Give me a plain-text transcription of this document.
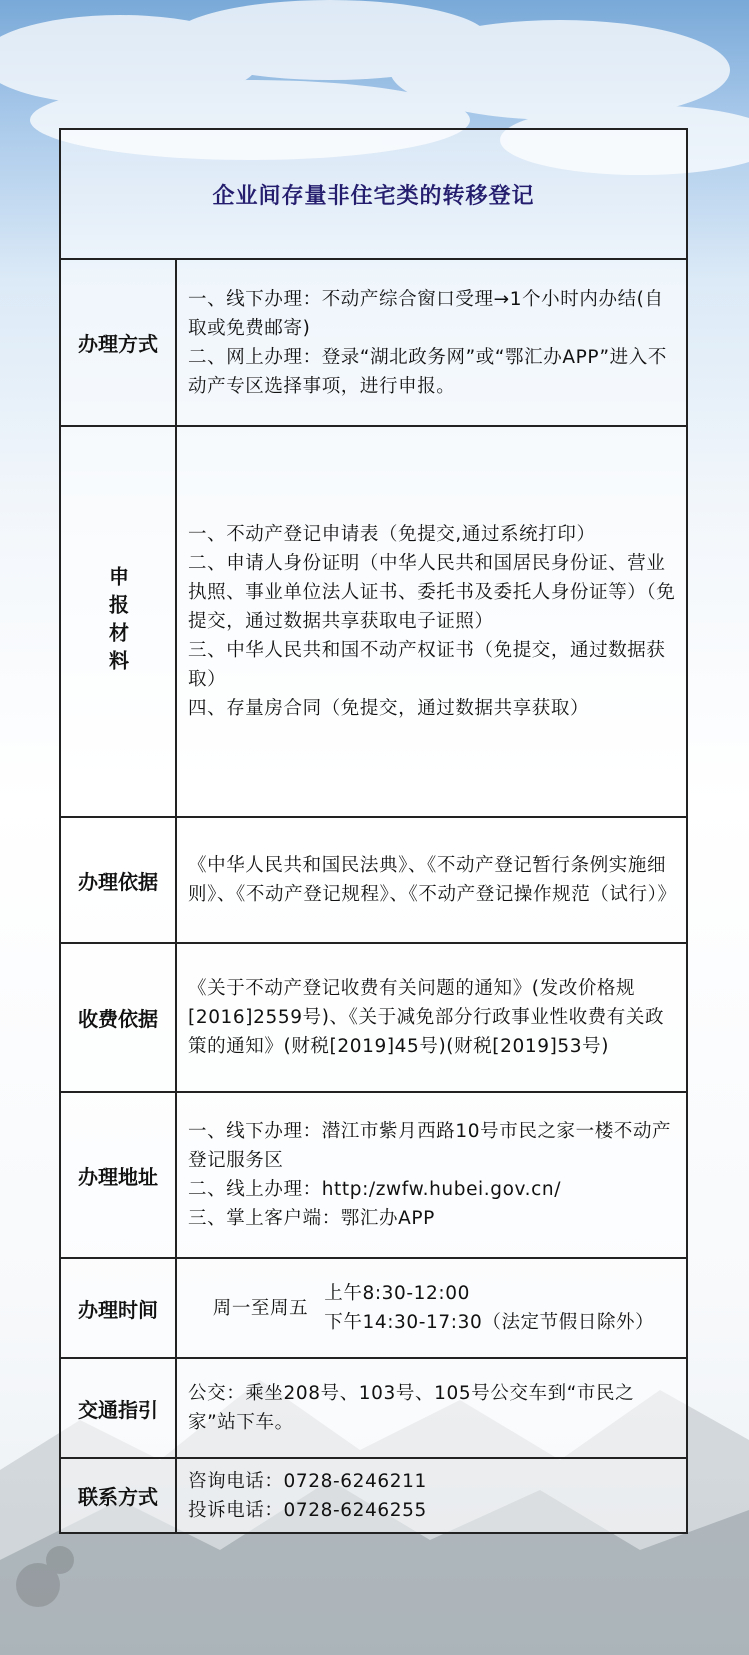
企业间存量非住宅类的转移登记
办理方式

一、线下办理：不动产综合窗口受理→1个小时内办结(自取或免费邮寄)

二、网上办理：登录“湖北政务网”或“鄂汇办APP”进入不动产专区选择事项，进行申报。

申报材料

一、不动产登记申请表（免提交,通过系统打印）

二、申请人身份证明（中华人民共和国居民身份证、营业执照、事业单位法人证书、委托书及委托人身份证等）（免提交，通过数据共享获取电子证照）

三、中华人民共和国不动产权证书（免提交，通过数据获取）

四、存量房合同（免提交，通过数据共享获取）

办理依据

《中华人民共和国民法典》、《不动产登记暂行条例实施细则》、《不动产登记规程》、《不动产登记操作规范（试行）》

收费依据

《关于不动产登记收费有关问题的通知》(发改价格规[2016]2559号)、《关于减免部分行政事业性收费有关政策的通知》(财税[2019]45号)(财税[2019]53号)

办理地址

一、线下办理：潜江市紫月西路10号市民之家一楼不动产登记服务区

二、线上办理：http:/zwfw.hubei.gov.cn/

三、掌上客户端：鄂汇办APP

办理时间	周一至周五

上午8:30-12:00

下午14:30-17:30（法定节假日除外）

交通指引

公交：乘坐208号、103号、105号公交车到“市民之家”站下车。

联系方式

咨询电话：0728-6246211

投诉电话：0728-6246255
